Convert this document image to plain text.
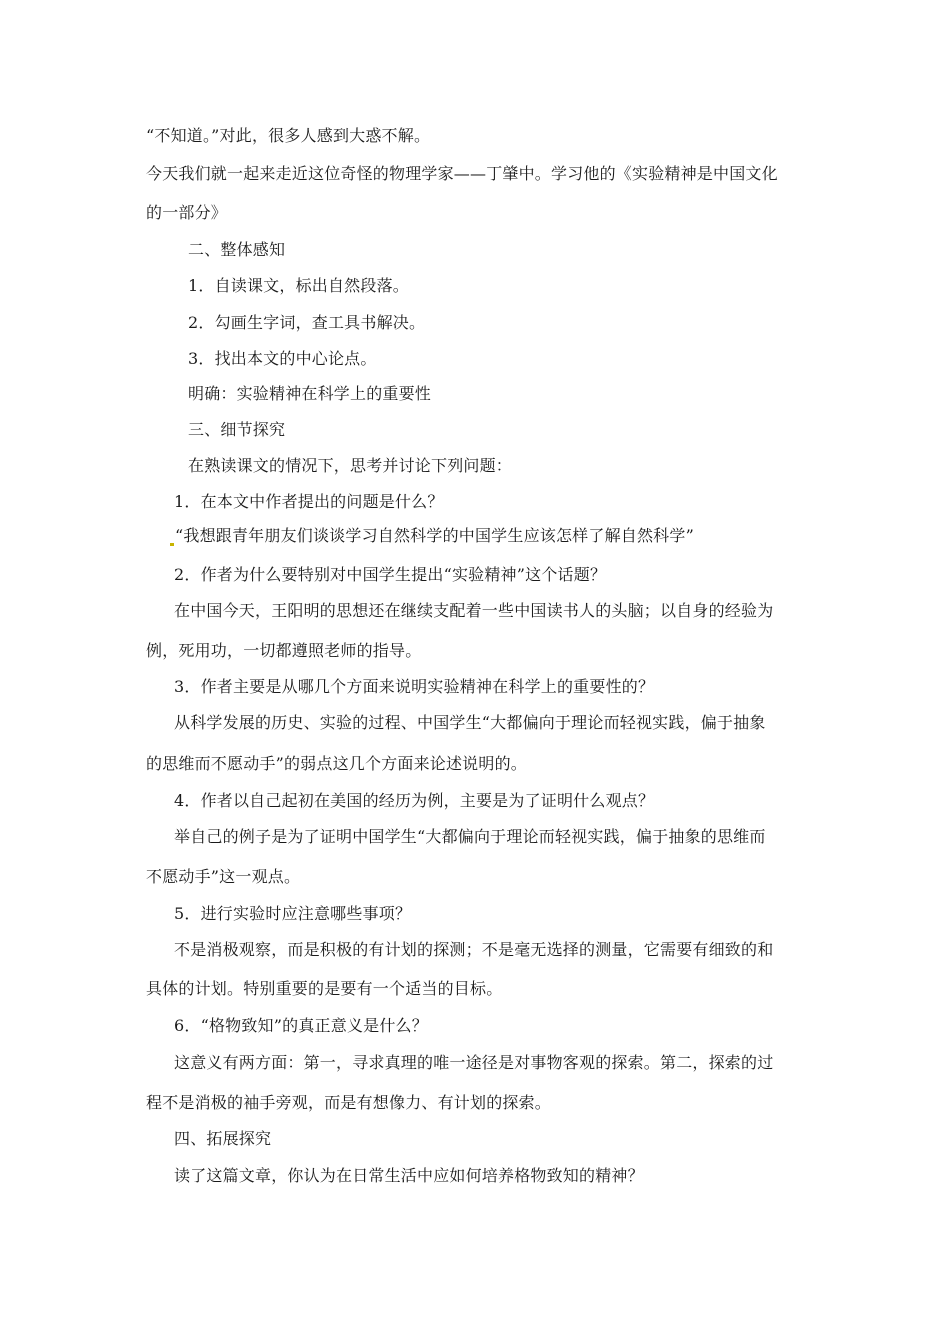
“不知道。”对此，很多人感到大惑不解。
今天我们就一起来走近这位奇怪的物理学家——丁肇中。学习他的《实验精神是中国文化
的一部分》
二、整体感知
1．自读课文，标出自然段落。
2．勾画生字词，查工具书解决。
3．找出本文的中心论点。
明确：实验精神在科学上的重要性
三、细节探究
在熟读课文的情况下，思考并讨论下列问题：
1．在本文中作者提出的问题是什么？
“我想跟青年朋友们谈谈学习自然科学的中国学生应该怎样了解自然科学”
2．作者为什么要特别对中国学生提出“实验精神”这个话题？
在中国今天，王阳明的思想还在继续支配着一些中国读书人的头脑；以自身的经验为
例，死用功，一切都遵照老师的指导。
3．作者主要是从哪几个方面来说明实验精神在科学上的重要性的？
从科学发展的历史、实验的过程、中国学生“大都偏向于理论而轻视实践，偏于抽象
的思维而不愿动手”的弱点这几个方面来论述说明的。
4．作者以自己起初在美国的经历为例，主要是为了证明什么观点？
举自己的例子是为了证明中国学生“大都偏向于理论而轻视实践，偏于抽象的思维而
不愿动手”这一观点。
5．进行实验时应注意哪些事项？
不是消极观察，而是积极的有计划的探测；不是毫无选择的测量，它需要有细致的和
具体的计划。特别重要的是要有一个适当的目标。
6．“格物致知”的真正意义是什么？
这意义有两方面：第一，寻求真理的唯一途径是对事物客观的探索。第二，探索的过
程不是消极的袖手旁观，而是有想像力、有计划的探索。
四、拓展探究
读了这篇文章，你认为在日常生活中应如何培养格物致知的精神？
